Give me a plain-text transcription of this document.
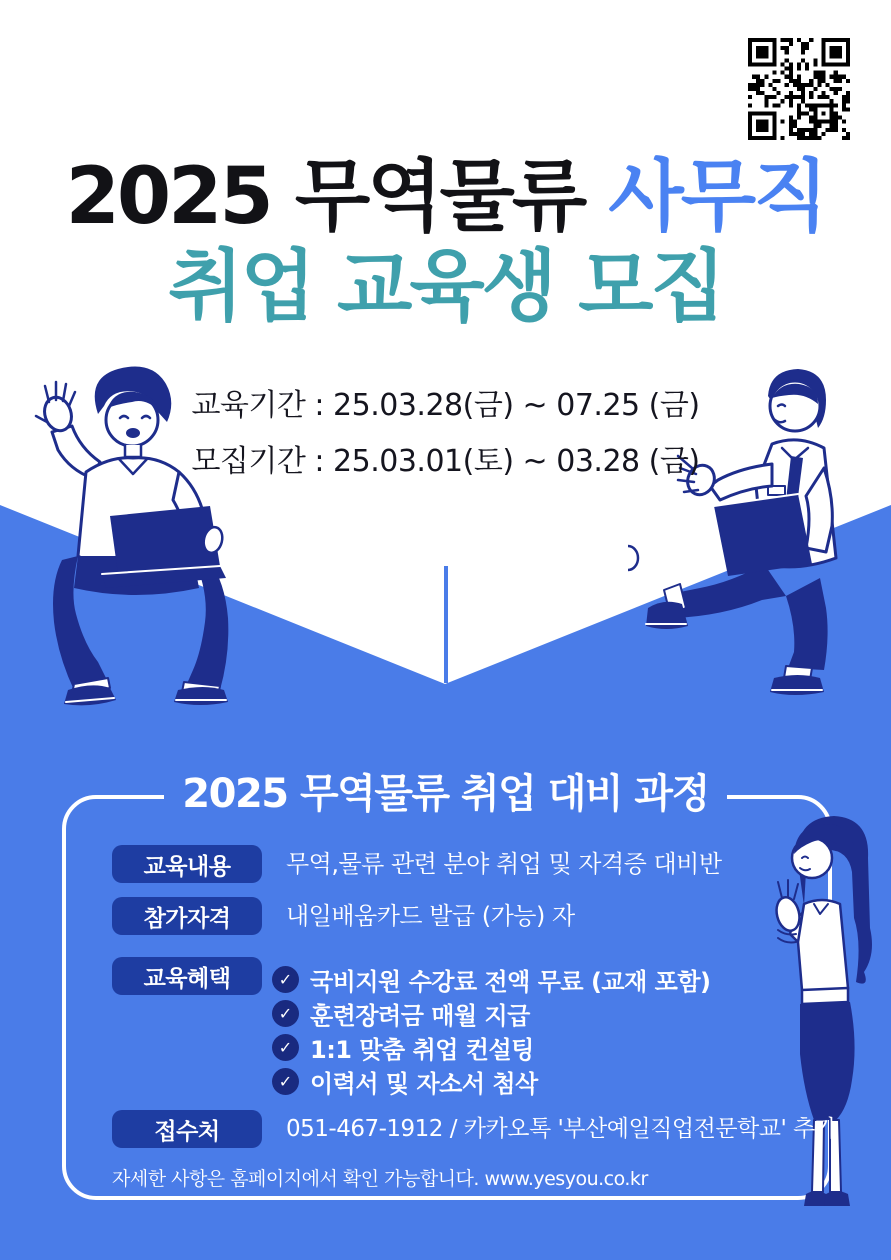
2025 무역물류 사무직
취업 교육생 모집
교육기간 : 25.03.28(금) ~ 07.25 (금)
모집기간 : 25.03.01(토) ~ 03.28 (금)
2025 무역물류 취업 대비 과정
교육내용	무역,물류 관련 분야 취업 및 자격증 대비반
참가자격	내일배움카드 발급 (가능) 자
교육혜택	✓ 국비지원 수강료 전액 무료 (교재 포함)
✓ 훈련장려금 매월 지급
✓ 1:1 맞춤 취업 컨설팅
✓ 이력서 및 자소서 첨삭
접수처	051-467-1912 / 카카오톡 '부산예일직업전문학교' 추가
자세한 사항은 홈페이지에서 확인 가능합니다. www.yesyou.co.kr
